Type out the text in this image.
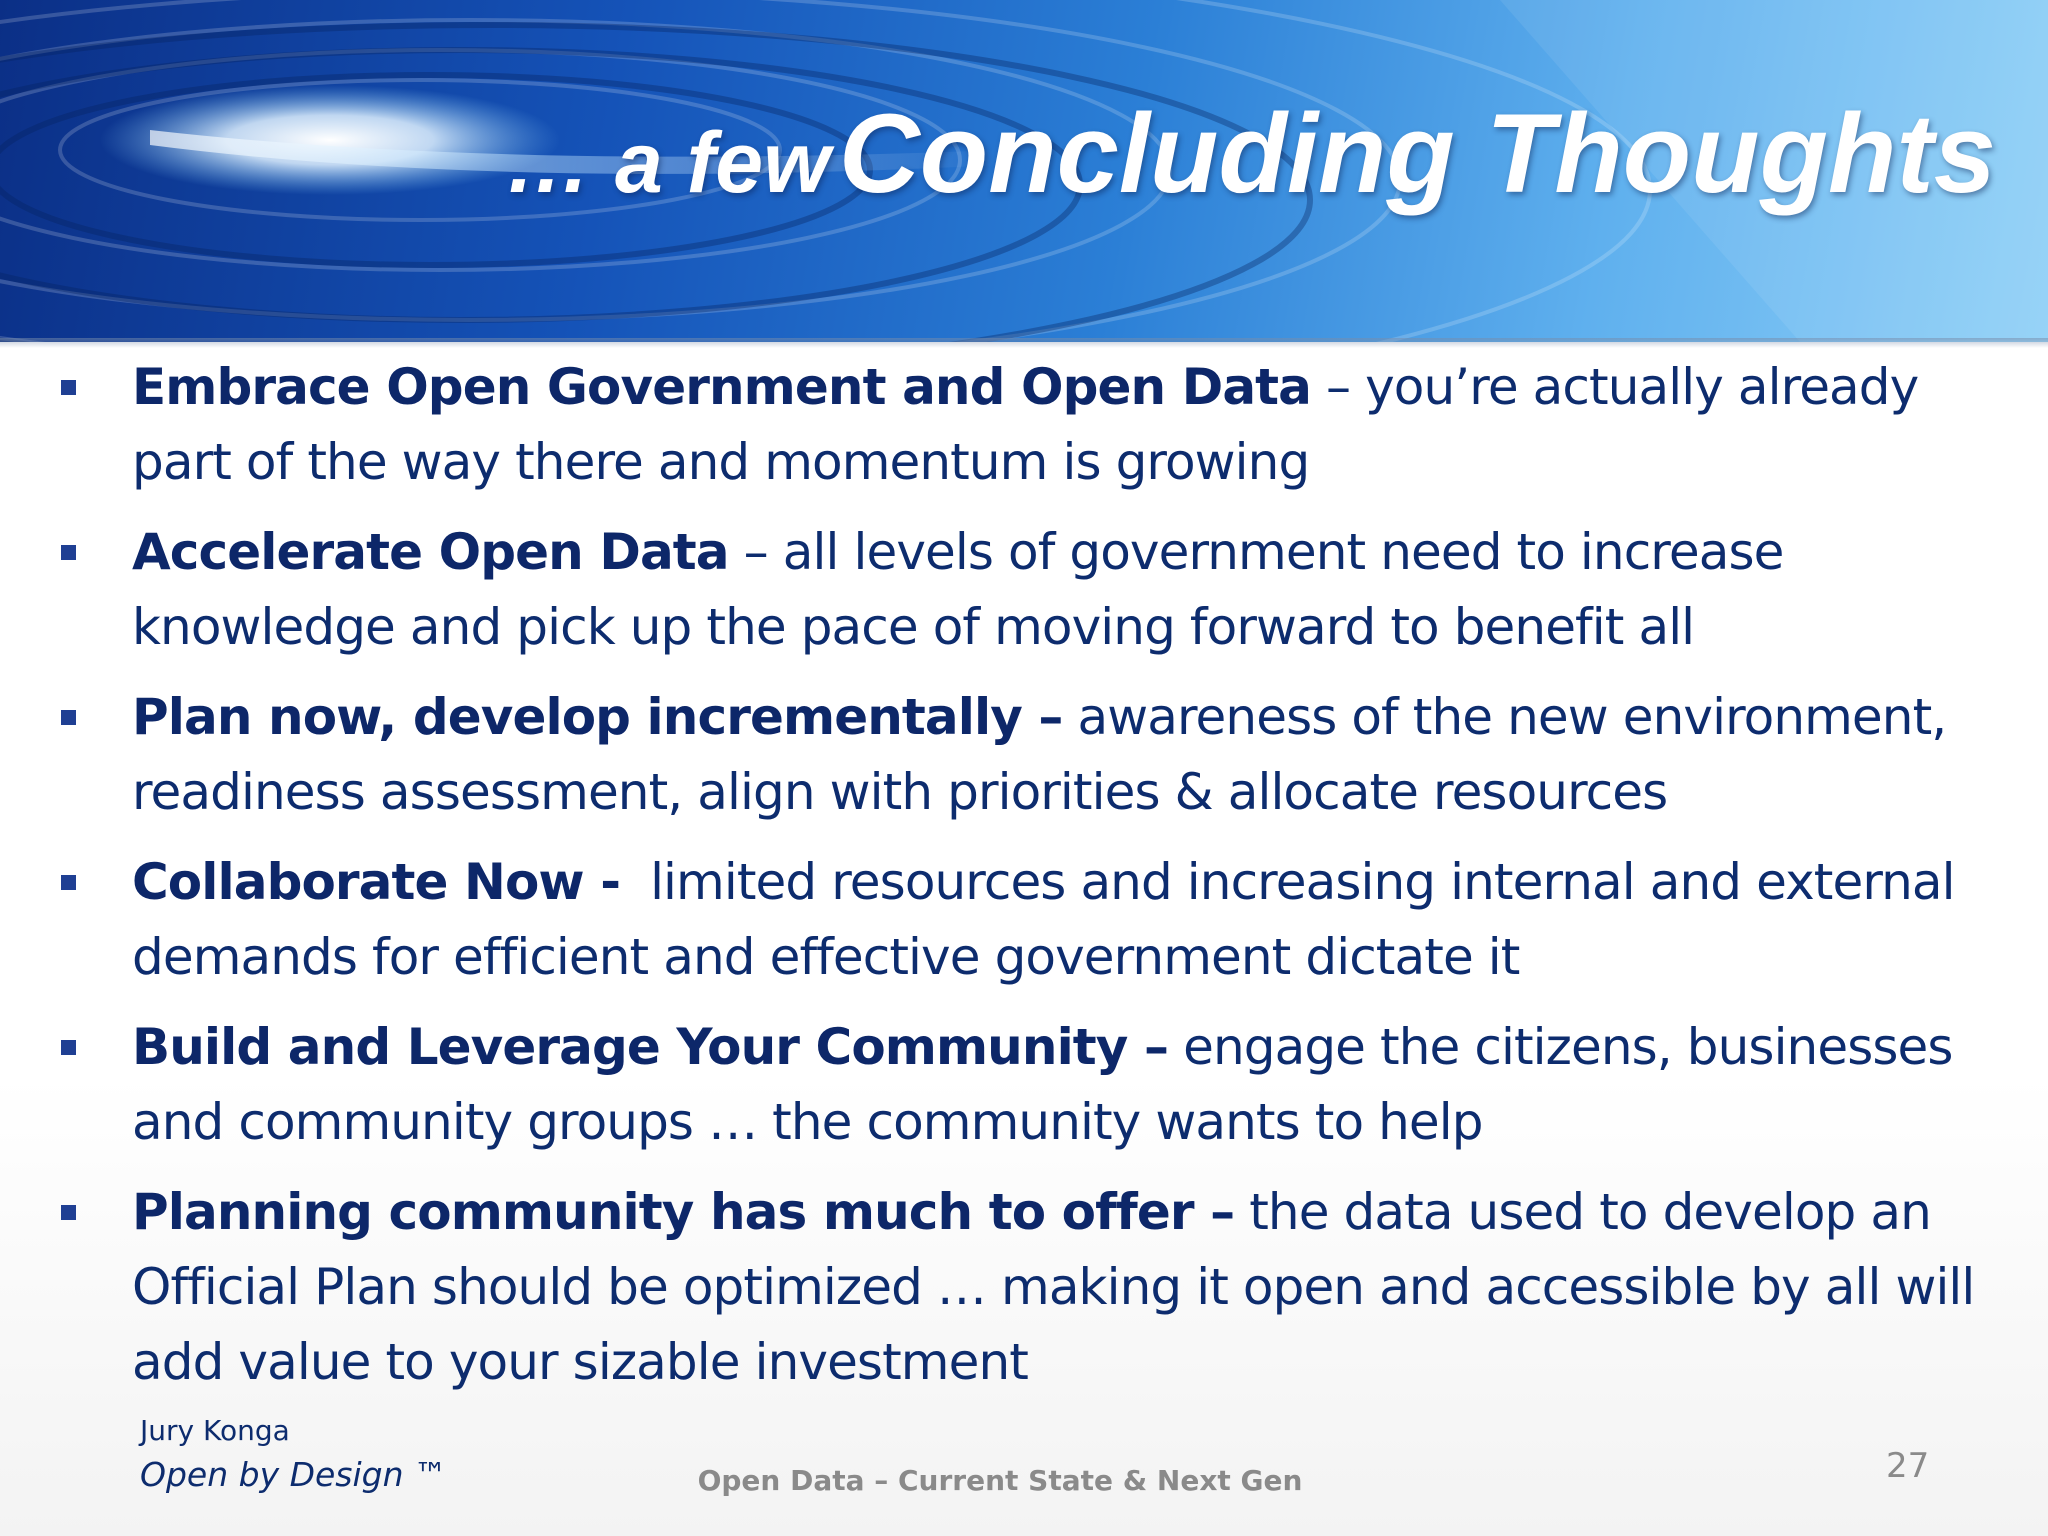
… a few Concluding Thoughts
Embrace Open Government and Open Data – you’re actually already part of the way there and momentum is growing
Accelerate Open Data – all levels of government need to increase knowledge and pick up the pace of moving forward to benefit all
Plan now, develop incrementally – awareness of the new environment, readiness assessment, align with priorities & allocate resources
Collaborate Now -  limited resources and increasing internal and external demands for efficient and effective government dictate it
Build and Leverage Your Community – engage the citizens, businesses and community groups … the community wants to help
Planning community has much to offer – the data used to develop an Official Plan should be optimized … making it open and accessible by all will add value to your sizable investment
Jury Konga
Open by Design ™	Open Data – Current State & Next Gen	27
